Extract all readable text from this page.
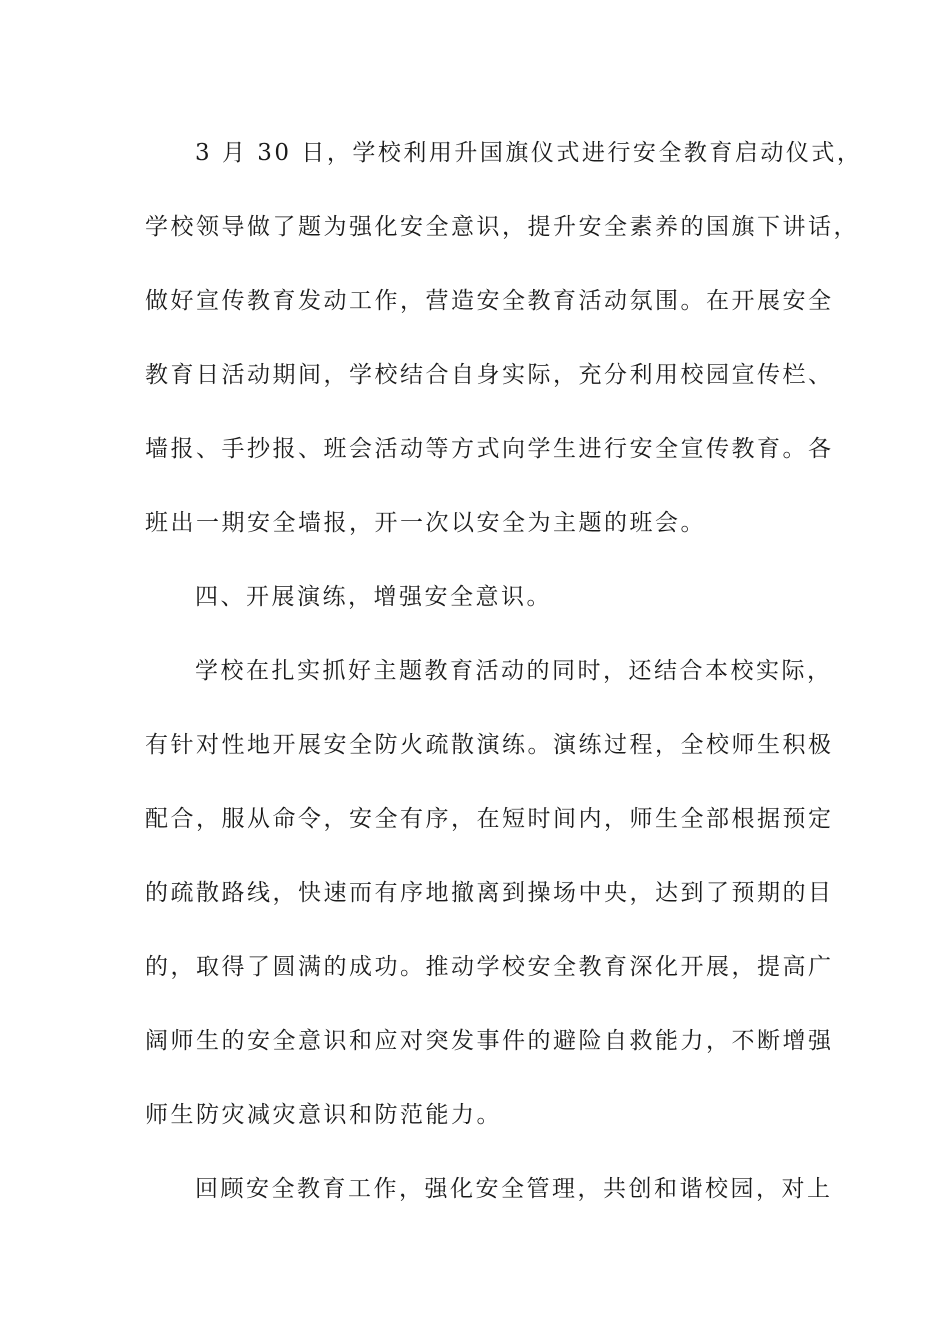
3 月 30 日，学校利用升国旗仪式进行安全教育启动仪式，
学校领导做了题为强化安全意识，提升安全素养的国旗下讲话，
做好宣传教育发动工作，营造安全教育活动氛围。在开展安全
教育日活动期间，学校结合自身实际，充分利用校园宣传栏、
墙报、手抄报、班会活动等方式向学生进行安全宣传教育。各
班出一期安全墙报，开一次以安全为主题的班会。
四、开展演练，增强安全意识。
学校在扎实抓好主题教育活动的同时，还结合本校实际，
有针对性地开展安全防火疏散演练。演练过程，全校师生积极
配合，服从命令，安全有序，在短时间内，师生全部根据预定
的疏散路线，快速而有序地撤离到操场中央，达到了预期的目
的，取得了圆满的成功。推动学校安全教育深化开展，提高广
阔师生的安全意识和应对突发事件的避险自救能力，不断增强
师生防灾减灾意识和防范能力。
回顾安全教育工作，强化安全管理，共创和谐校园，对上
